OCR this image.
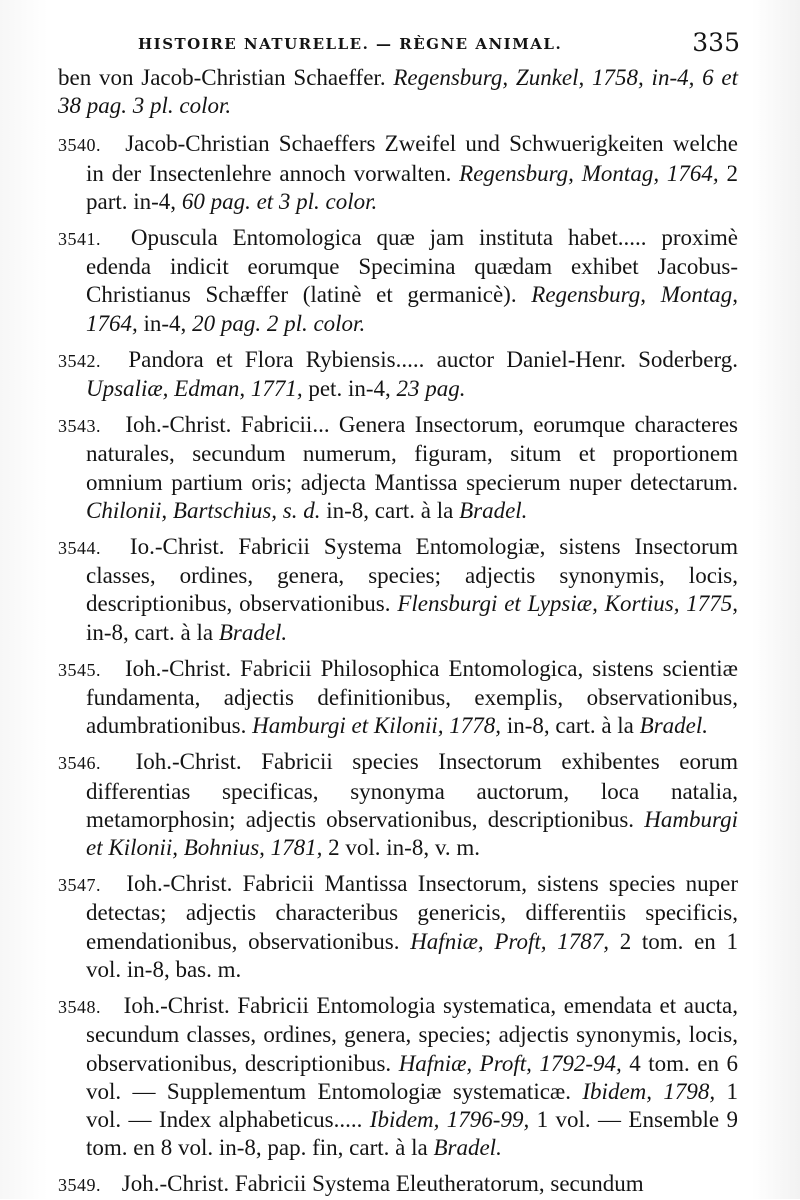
HISTOIRE NATURELLE. — RÈGNE ANIMAL.	335

ben von Jacob-Christian Schaeffer. Regensburg, Zunkel, 1758, in-4, 6 et 38 pag. 3 pl. color.

3540. Jacob-Christian Schaeffers Zweifel und Schwuerigkeiten welche in der Insectenlehre annoch vorwalten. Regensburg, Montag, 1764, 2 part. in-4, 60 pag. et 3 pl. color.

3541. Opuscula Entomologica quæ jam instituta habet..... proximè edenda indicit eorumque Specimina quædam exhibet Jacobus-Christianus Schæffer (latinè et germanicè). Regensburg, Montag, 1764, in-4, 20 pag. 2 pl. color.

3542. Pandora et Flora Rybiensis..... auctor Daniel-Henr. Soderberg. Upsaliæ, Edman, 1771, pet. in-4, 23 pag.

3543. Ioh.-Christ. Fabricii... Genera Insectorum, eorumque characteres naturales, secundum numerum, figuram, situm et proportionem omnium partium oris; adjecta Mantissa specierum nuper detectarum. Chilonii, Bartschius, s. d. in-8, cart. à la Bradel.

3544. Io.-Christ. Fabricii Systema Entomologiæ, sistens Insectorum classes, ordines, genera, species; adjectis synonymis, locis, descriptionibus, observationibus. Flensburgi et Lypsiæ, Kortius, 1775, in-8, cart. à la Bradel.

3545. Ioh.-Christ. Fabricii Philosophica Entomologica, sistens scientiæ fundamenta, adjectis definitionibus, exemplis, observationibus, adumbrationibus. Hamburgi et Kilonii, 1778, in-8, cart. à la Bradel.

3546. Ioh.-Christ. Fabricii species Insectorum exhibentes eorum differentias specificas, synonyma auctorum, loca natalia, metamorphosin; adjectis observationibus, descriptionibus. Hamburgi et Kilonii, Bohnius, 1781, 2 vol. in-8, v. m.

3547. Ioh.-Christ. Fabricii Mantissa Insectorum, sistens species nuper detectas; adjectis characteribus genericis, differentiis specificis, emendationibus, observationibus. Hafniæ, Proft, 1787, 2 tom. en 1 vol. in-8, bas. m.

3548. Ioh.-Christ. Fabricii Entomologia systematica, emendata et aucta, secundum classes, ordines, genera, species; adjectis synonymis, locis, observationibus, descriptionibus. Hafniæ, Proft, 1792-94, 4 tom. en 6 vol. — Supplementum Entomologiæ systematicæ. Ibidem, 1798, 1 vol. — Index alphabeticus..... Ibidem, 1796-99, 1 vol. — Ensemble 9 tom. en 8 vol. in-8, pap. fin, cart. à la Bradel.

3549. Joh.-Christ. Fabricii Systema Eleutheratorum, secundum
